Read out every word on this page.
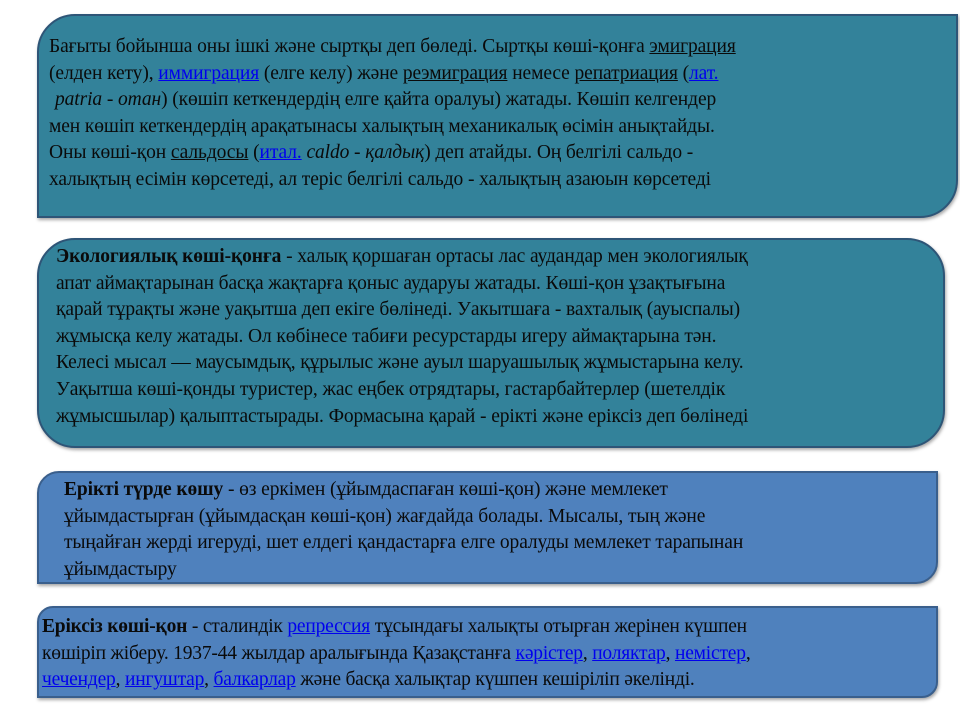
Бағыты бойынша оны ішкі және сыртқы деп бөледі. Сыртқы көші-қонға эмиграция
(елден кету), иммиграция (елге келу) және реэмиграция немесе репатриация (лат.
patria - отан) (көшіп кеткендердің елге қайта оралуы) жатады. Көшіп келгендер
мен көшіп кеткендердің арақатынасы халықтың механикалық өсімін анықтайды.
Оны көші-қон сальдосы (итал. caldo - қалдық) деп атайды. Оң белгілі сальдо -
халықтың есімін көрсетеді, ал теріс белгілі сальдо - халықтың азаюын көрсетеді
Экологиялық көші-қонға - халық қоршаған ортасы лас аудандар мен экологиялық
апат аймақтарынан басқа жақтарға қоныс аударуы жатады. Көші-қон ұзақтығына
қарай тұрақты және уақытша деп екіге бөлінеді. Уакытшаға - вахталық (ауыспалы)
жұмысқа келу жатады. Ол көбінесе табиғи ресурстарды игеру аймақтарына тән.
Келесі мысал — маусымдық, құрылыс және ауыл шаруашылық жұмыстарына келу.
Уақытша көші-қонды туристер, жас еңбек отрядтары, гастарбайтерлер (шетелдік
жұмысшылар) қалыптастырады. Формасына қарай - ерікті және еріксіз деп бөлінеді
Ерікті түрде көшу - өз еркімен (ұйымдаспаған көші-қон) және мемлекет
ұйымдастырған (ұйымдасқан көші-қон) жағдайда болады. Мысалы, тың және
тыңайған жерді игеруді, шет елдегі қандастарға елге оралуды мемлекет тарапынан
ұйымдастыру
Еріксіз көші-қон - сталиндік репрессия тұсындағы халықты отырған жерінен күшпен
көшіріп жіберу. 1937-44 жылдар аралығында Қазақстанға кәрістер, поляктар, немістер,
чечендер, ингуштар, балкарлар және басқа халықтар күшпен кешіріліп әкелінді.
